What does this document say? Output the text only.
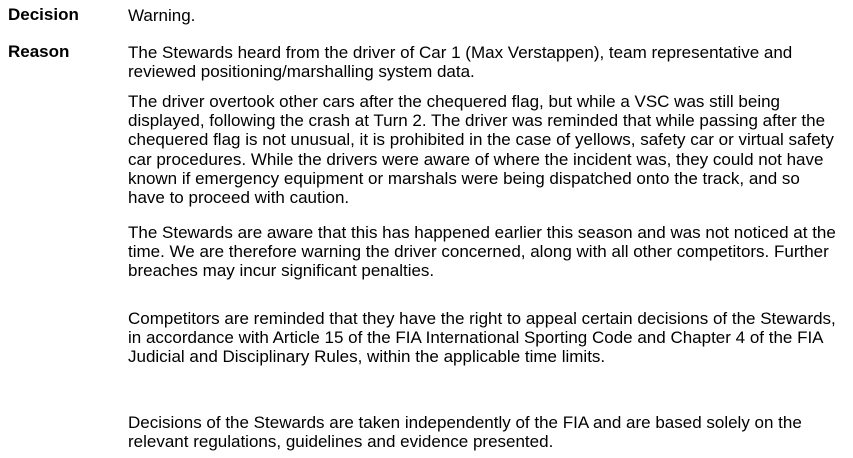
Decision	Warning.

Reason	The Stewards heard from the driver of Car 1 (Max Verstappen), team representative and reviewed positioning/marshalling system data.

The driver overtook other cars after the chequered flag, but while a VSC was still being displayed, following the crash at Turn 2. The driver was reminded that while passing after the chequered flag is not unusual, it is prohibited in the case of yellows, safety car or virtual safety car procedures. While the drivers were aware of where the incident was, they could not have known if emergency equipment or marshals were being dispatched onto the track, and so have to proceed with caution.

The Stewards are aware that this has happened earlier this season and was not noticed at the time. We are therefore warning the driver concerned, along with all other competitors. Further breaches may incur significant penalties.

Competitors are reminded that they have the right to appeal certain decisions of the Stewards, in accordance with Article 15 of the FIA International Sporting Code and Chapter 4 of the FIA Judicial and Disciplinary Rules, within the applicable time limits.

Decisions of the Stewards are taken independently of the FIA and are based solely on the relevant regulations, guidelines and evidence presented.
